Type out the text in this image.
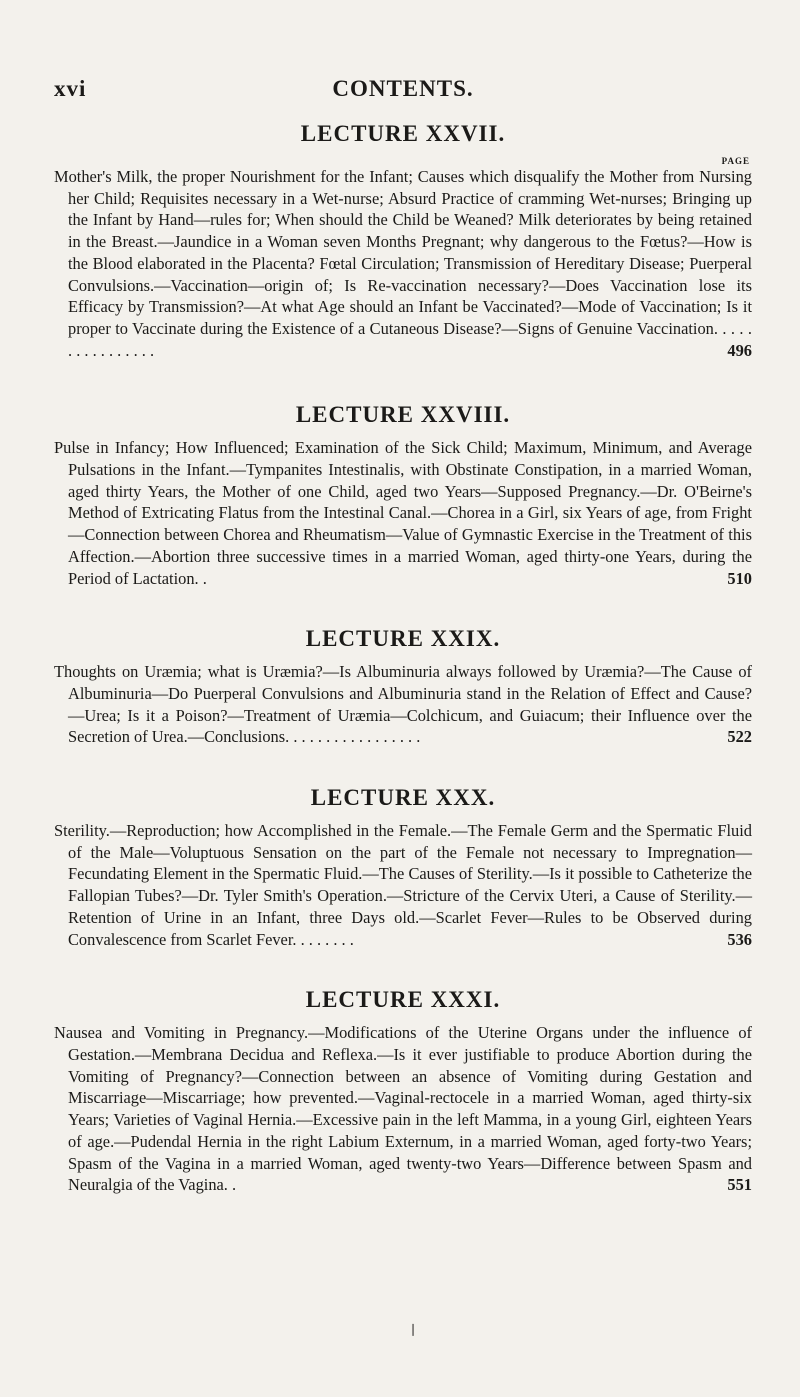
xvi	CONTENTS.
LECTURE XXVII.
PAGE

Mother's Milk, the proper Nourishment for the Infant; Causes which disqualify the Mother from Nursing her Child; Requisites necessary in a Wet-nurse; Absurd Practice of cramming Wet-nurses; Bringing up the Infant by Hand—rules for; When should the Child be Weaned? Milk deteriorates by being retained in the Breast.—Jaundice in a Woman seven Months Pregnant; why dangerous to the Fœtus?—How is the Blood elaborated in the Placenta? Fœtal Circulation; Transmission of Hereditary Disease; Puerperal Convulsions.—Vaccination—origin of; Is Re-vaccination necessary?—Does Vaccination lose its Efficacy by Transmission?—At what Age should an Infant be Vaccinated?—Mode of Vaccination; Is it proper to Vaccinate during the Existence of a Cutaneous Disease?—Signs of Genuine Vaccination. . . . . . . . . . . . . . . .	496

LECTURE XXVIII.

Pulse in Infancy; How Influenced; Examination of the Sick Child; Maximum, Minimum, and Average Pulsations in the Infant.—Tympanites Intestinalis, with Obstinate Constipation, in a married Woman, aged thirty Years, the Mother of one Child, aged two Years—Supposed Pregnancy.—Dr. O'Beirne's Method of Extricating Flatus from the Intestinal Canal.—Chorea in a Girl, six Years of age, from Fright—Connection between Chorea and Rheumatism—Value of Gymnastic Exercise in the Treatment of this Affection.—Abortion three successive times in a married Woman, aged thirty-one Years, during the Period of Lactation. .	510

LECTURE XXIX.

Thoughts on Uræmia; what is Uræmia?—Is Albuminuria always followed by Uræmia?—The Cause of Albuminuria—Do Puerperal Convulsions and Albuminuria stand in the Relation of Effect and Cause?—Urea; Is it a Poison?—Treatment of Uræmia—Colchicum, and Guiacum; their Influence over the Secretion of Urea.—Conclusions. . . . . . . . . . . . . . . . .	522

LECTURE XXX.

Sterility.—Reproduction; how Accomplished in the Female.—The Female Germ and the Spermatic Fluid of the Male—Voluptuous Sensation on the part of the Female not necessary to Impregnation—Fecundating Element in the Spermatic Fluid.—The Causes of Sterility.—Is it possible to Catheterize the Fallopian Tubes?—Dr. Tyler Smith's Operation.—Stricture of the Cervix Uteri, a Cause of Sterility.—Retention of Urine in an Infant, three Days old.—Scarlet Fever—Rules to be Observed during Convalescence from Scarlet Fever. . . . . . . .	536

LECTURE XXXI.

Nausea and Vomiting in Pregnancy.—Modifications of the Uterine Organs under the influence of Gestation.—Membrana Decidua and Reflexa.—Is it ever justifiable to produce Abortion during the Vomiting of Pregnancy?—Connection between an absence of Vomiting during Gestation and Miscarriage—Miscarriage; how prevented.—Vaginal-rectocele in a married Woman, aged thirty-six Years; Varieties of Vaginal Hernia.—Excessive pain in the left Mamma, in a young Girl, eighteen Years of age.—Pudendal Hernia in the right Labium Externum, in a married Woman, aged forty-two Years; Spasm of the Vagina in a married Woman, aged twenty-two Years—Difference between Spasm and Neuralgia of the Vagina. .	551

❘
